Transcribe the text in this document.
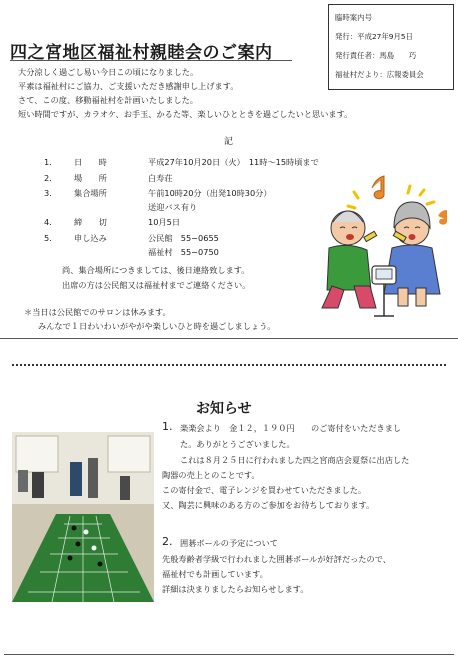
臨時案内号
発行：平成27年9月5日
発行責任者：馬島　　巧
福祉村だより：広報委員会
四之宮地区福祉村親睦会のご案内
大分涼しく過ごし易い今日この頃になりました。
平素は福祉村にご協力、ご支援いただき感謝申し上げます。
さて、この度、移動福祉村を計画いたしました。
短い時間ですが、カラオケ、お手玉、かるた等、楽しいひとときを過ごしたいと思います。
記
1.	日　　時	平成27年10月20日（火）　11時〜15時頃まで
2.	場　　所	白寿荘
3.	集合場所	午前10時20分（出発10時30分）
送迎バス有り
4.	締　　切	10月5日
5.	申し込み	公民館　55−0655
福祉村　55−0750
尚、集合場所につきましては、後日連絡致します。
出席の方は公民館又は福祉村までご連絡ください。
＊当日は公民館でのサロンは休みます。
みんなで１日わいわいがやがや楽しいひと時を過ごしましょう。
お知らせ
1. 楽楽会より　金１２，１９０円　　のご寄付をいただきまし
た。ありがとうございました。
これは８月２５日に行われました四之宮商店会夏祭に出店した
陶器の売上とのことです。
この寄付金で、電子レンジを買わせていただきました。
又、陶芸に興味のある方のご参加をお待ちしております。
2. 囲碁ボールの予定について
先般寿齢者学級で行われました囲碁ボールが好評だったので、
福祉村でも計画しています。
詳細は決まりましたらお知らせします。
